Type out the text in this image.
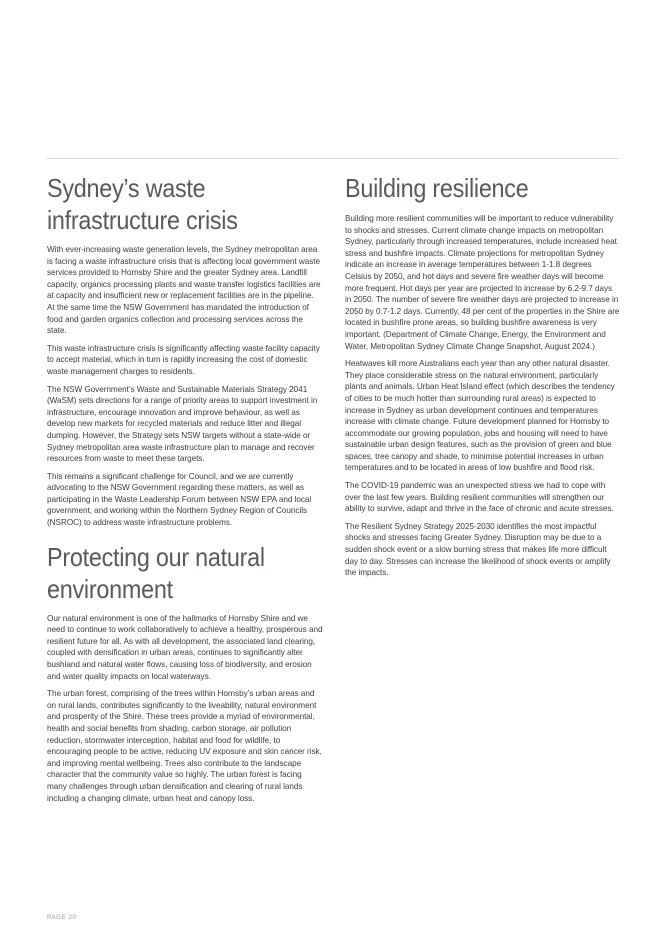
Sydney’s waste infrastructure crisis

With ever-increasing waste generation levels, the Sydney metropolitan area is facing a waste infrastructure crisis that is affecting local government waste services provided to Hornsby Shire and the greater Sydney area. Landfill capacity, organics processing plants and waste transfer logistics facilities are at capacity and insufficient new or replacement facilities are in the pipeline. At the same time the NSW Government has mandated the introduction of food and garden organics collection and processing services across the state.

This waste infrastructure crisis is significantly affecting waste facility capacity to accept material, which in turn is rapidly increasing the cost of domestic waste management charges to residents.

The NSW Government’s Waste and Sustainable Materials Strategy 2041 (WaSM) sets directions for a range of priority areas to support investment in infrastructure, encourage innovation and improve behaviour, as well as develop new markets for recycled materials and reduce litter and illegal dumping. However, the Strategy sets NSW targets without a state-wide or Sydney metropolitan area waste infrastructure plan to manage and recover resources from waste to meet these targets.

This remains a significant challenge for Council, and we are currently advocating to the NSW Government regarding these matters, as well as participating in the Waste Leadership Forum between NSW EPA and local government, and working within the Northern Sydney Region of Councils (NSROC) to address waste infrastructure problems.

Protecting our natural environment

Our natural environment is one of the hallmarks of Hornsby Shire and we need to continue to work collaboratively to achieve a healthy, prosperous and resilient future for all. As with all development, the associated land clearing, coupled with densification in urban areas, continues to significantly alter bushland and natural water flows, causing loss of biodiversity, and erosion and water quality impacts on local waterways.

The urban forest, comprising of the trees within Hornsby’s urban areas and on rural lands, contributes significantly to the liveability, natural environment and prosperity of the Shire. These trees provide a myriad of environmental, health and social benefits from shading, carbon storage, air pollution reduction, stormwater interception, habitat and food for wildlife, to encouraging people to be active, reducing UV exposure and skin cancer risk, and improving mental wellbeing. Trees also contribute to the landscape character that the community value so highly. The urban forest is facing many challenges through urban densification and clearing of rural lands including a changing climate, urban heat and canopy loss.

Building resilience

Building more resilient communities will be important to reduce vulnerability to shocks and stresses. Current climate change impacts on metropolitan Sydney, particularly through increased temperatures, include increased heat stress and bushfire impacts. Climate projections for metropolitan Sydney indicate an increase in average temperatures between 1-1.8 degrees Celsius by 2050, and hot days and severe fire weather days will become more frequent. Hot days per year are projected to increase by 6.2-9.7 days in 2050. The number of severe fire weather days are projected to increase in 2050 by 0.7-1.2 days. Currently, 48 per cent of the properties in the Shire are located in bushfire prone areas, so building bushfire awareness is very important. (Department of Climate Change, Energy, the Environment and Water, Metropolitan Sydney Climate Change Snapshot, August 2024.)

Heatwaves kill more Australians each year than any other natural disaster. They place considerable stress on the natural environment, particularly plants and animals. Urban Heat Island effect (which describes the tendency of cities to be much hotter than surrounding rural areas) is expected to increase in Sydney as urban development continues and temperatures increase with climate change. Future development planned for Hornsby to accommodate our growing population, jobs and housing will need to have sustainable urban design features, such as the provision of green and blue spaces, tree canopy and shade, to minimise potential increases in urban temperatures and to be located in areas of low bushfire and flood risk.

The COVID-19 pandemic was an unexpected stress we had to cope with over the last few years. Building resilient communities will strengthen our ability to survive, adapt and thrive in the face of chronic and acute stresses.

The Resilient Sydney Strategy 2025-2030 identifies the most impactful shocks and stresses facing Greater Sydney. Disruption may be due to a sudden shock event or a slow burning stress that makes life more difficult day to day. Stresses can increase the likelihood of shock events or amplify the impacts.

PAGE 20
